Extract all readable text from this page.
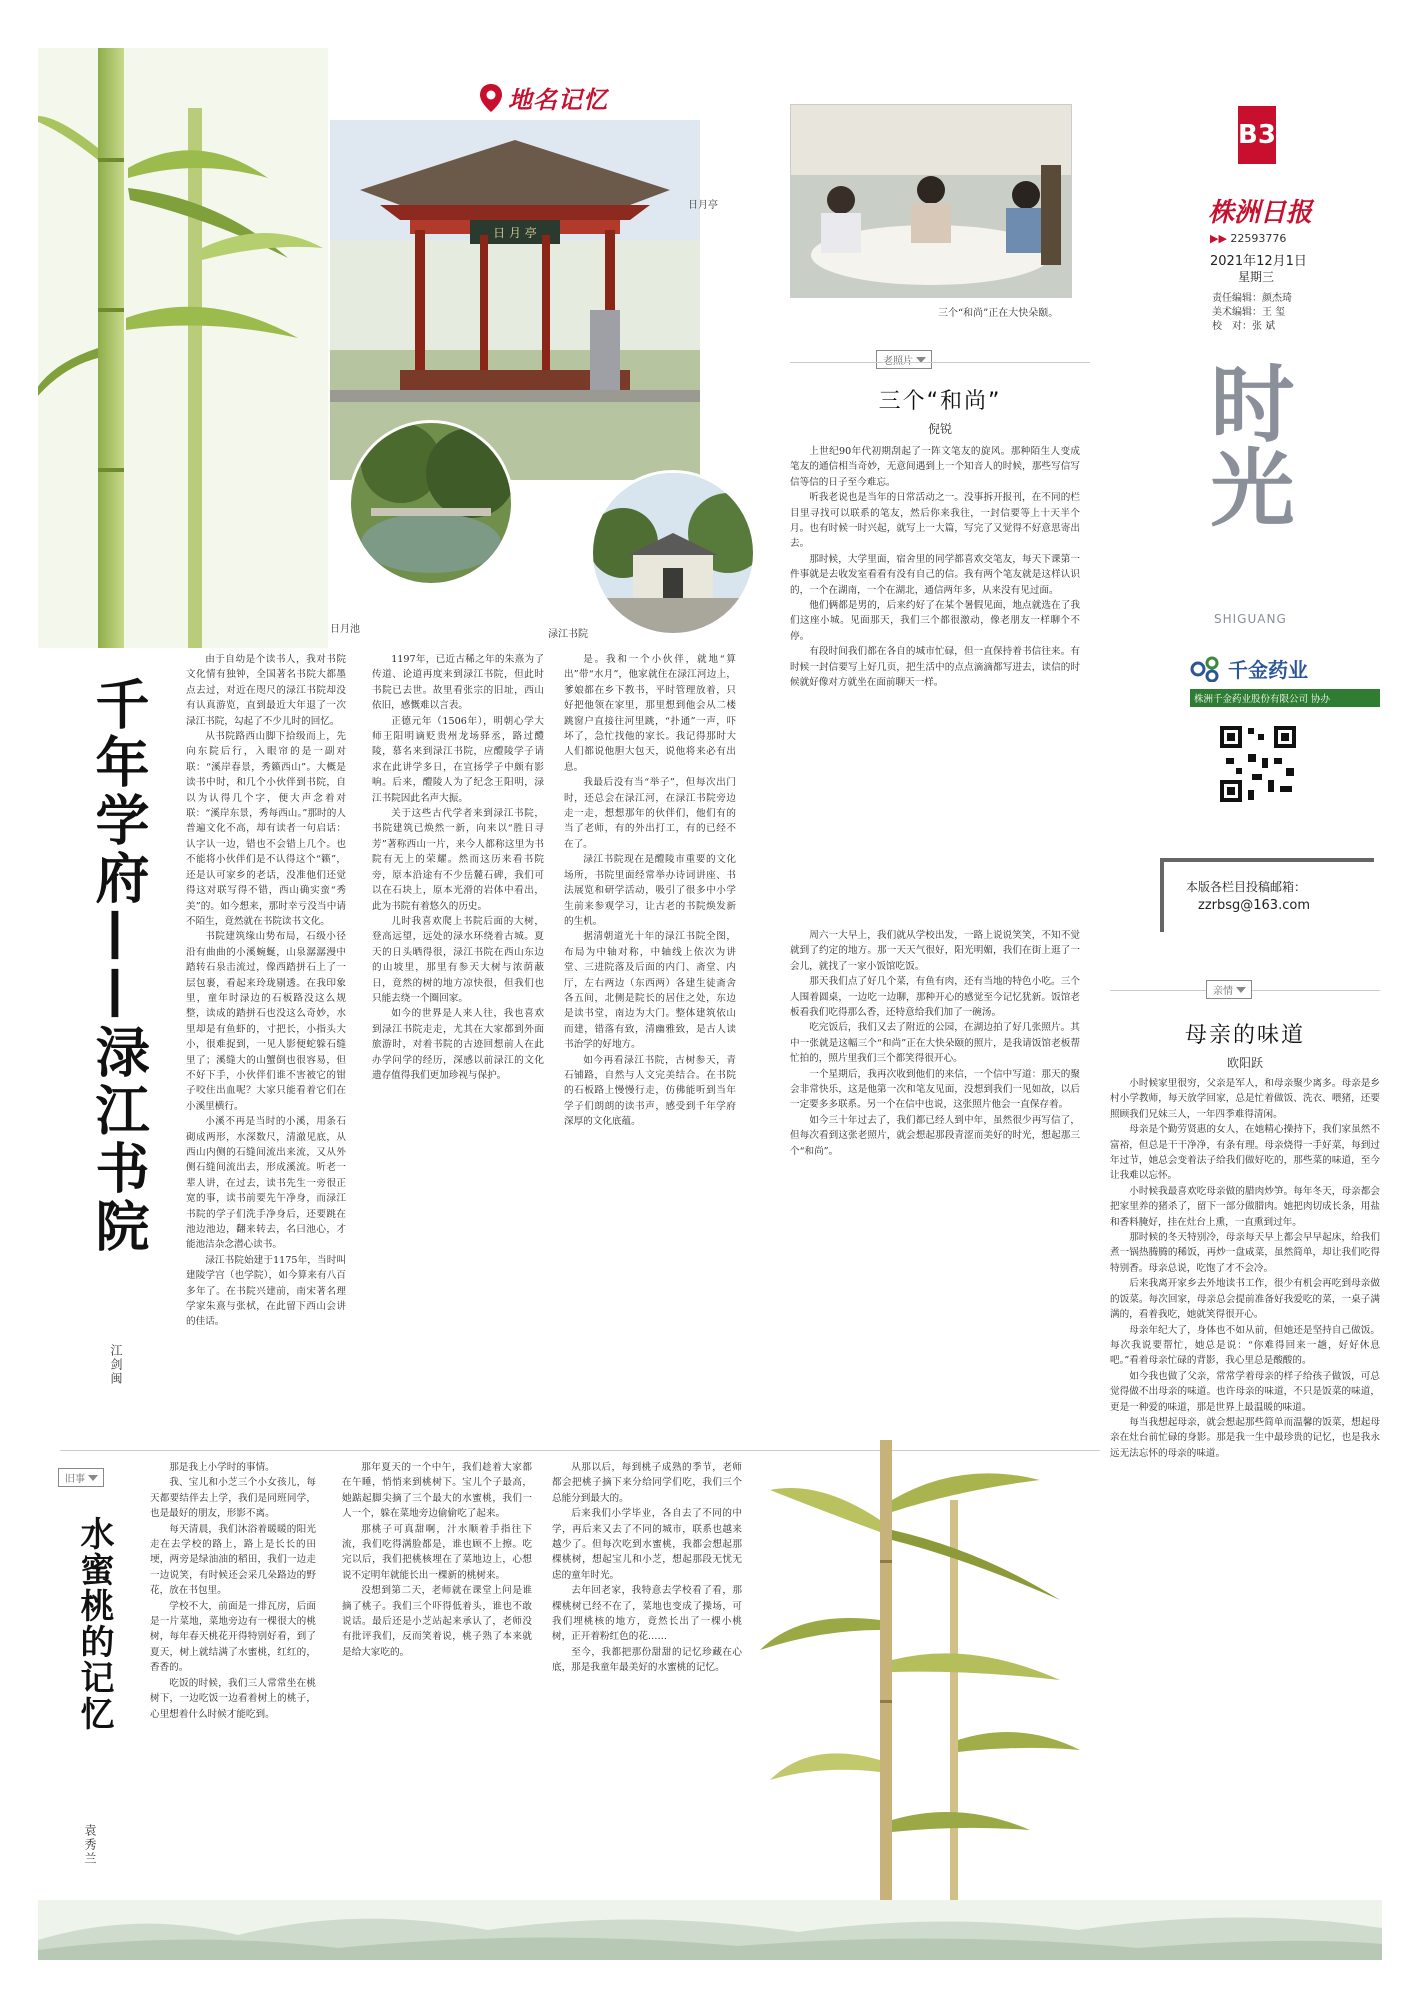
地名记忆
日 月 亭
日月亭
日月池	渌江书院
三个“和尚”正在大快朵颐。
B3
株洲日报
▶▶ 22593776
2021年12月1日
星期三
责任编辑：颜杰琦
美术编辑：王 玺
校　对：张 斌
时光
SHIGUANG
千金药业
株洲千金药业股份有限公司 协办
本版各栏目投稿邮箱：
zzrbsg@163.com
千年学府——渌江书院
江剑闽

由于自幼是个读书人，我对书院文化情有独钟，全国著名书院大都墨点去过，对近在咫尺的渌江书院却没有认真游览，直到最近大年退了一次渌江书院，勾起了不少儿时的回忆。

从书院路西山脚下拾级而上，先向东院后行，入眼帘的是一副对联：“溪岸春景，秀籁西山”。大概是读书中时，和几个小伙伴到书院，自以为认得几个字，便大声念着对联：“溪岸东景，秀每西山。”那时的人普遍文化不高，却有读者一句启话：认字认一边，错也不会错上几个。也不能将小伙伴们是不认得这个“籁”，还是认可家乡的老话，没准他们还觉得这对联写得不错，西山确实蛮“秀美”的。如今想来，那时幸亏没当中请不陌生，竟然就在书院读书文化。

书院建筑缘山势布局，石级小径沿有曲曲的小溪蜿蜒，山泉潺潺漫中踏转石泉击流过，像西踏拼石上了一层包裹，看起来玲珑剔透。在我印象里，童年时渌边的石板路没这么规整，读成的踏拼石也没这么奇妙，水里却是有鱼虾的，寸把长，小指头大小，很难捉到，一见人影便蛇躲石缝里了；溪缝大的山蟹倒也很容易，但不好下手，小伙伴们谁不害被它的钳子咬住出血呢？大家只能看着它们在小溪里横行。

小溪不再是当时的小溪，用条石砌成两形，水深数尺，清澈见底，从西山内侧的石缝间流出来流，又从外侧石缝间流出去，形成溪流。听老一辈人讲，在过去，读书先生一旁很正宽的事，读书前要先午净身，而渌江书院的学子们洗手净身后，还要跳在池边池边，翻来转去，名曰池心，才能池洁杂念潜心读书。

渌江书院始建于1175年，当时叫建陵学宫（也学院），如今算来有八百多年了。在书院兴建前，南宋著名理学家朱熹与张栻，在此留下西山会讲的佳话。

1197年，已近古稀之年的朱熹为了传道、论道再度来到渌江书院，但此时书院已去世。故里看张宗的旧址，西山依旧，感慨难以言表。

正德元年（1506年），明朝心学大师王阳明谪贬贵州龙场驿丞，路过醴陵，慕名来到渌江书院，应醴陵学子请求在此讲学多日，在宣扬学子中颇有影响。后来，醴陵人为了纪念王阳明，渌江书院因此名声大振。

关于这些古代学者来到渌江书院，书院建筑已焕然一新，向来以“胜日寻芳”著称西山一片，来今人都称这里为书院有无上的荣耀。然而这历来看书院旁，原本沿途有不少岳麓石碑，我们可以在石块上，原本光滑的岩体中看出，此为书院有着悠久的历史。

儿时我喜欢爬上书院后面的大树，登高远望，远处的渌水环绕着古城。夏天的日头晒得很，渌江书院在西山东边的山坡里，那里有参天大树与浓荫蔽日，竟然的树的地方凉快很，但我们也只能去绕一个圈回家。

如今的世界是人来人往，我也喜欢到渌江书院走走，尤其在大家都到外面旅游时，对着书院的古迹回想前人在此办学问学的经历，深感以前渌江的文化遗存值得我们更加珍视与保护。

是。我和一个小伙伴，就地“算出”带“水月”，他家就住在渌江河边上，爹娘都在乡下教书，平时管理放着，只好把他领在家里，那里想到他会从二楼跳窗户直接往河里跳，“扑通”一声，吓坏了，急忙找他的家长。我记得那时大人们都说他胆大包天，说他将来必有出息。

我最后没有当“举子”，但每次出门时，还总会在渌江河，在渌江书院旁边走一走，想想那年的伙伴们，他们有的当了老师，有的外出打工，有的已经不在了。

渌江书院现在是醴陵市重要的文化场所，书院里面经常举办诗词讲座、书法展览和研学活动，吸引了很多中小学生前来参观学习，让古老的书院焕发新的生机。

据清朝道光十年的渌江书院全图，布局为中轴对称，中轴线上依次为讲堂、三进院落及后面的内门、斋堂、内厅，左右两边（东西两）各建生徒斋舍各五间，北侧是院长的居住之处，东边是读书堂，南边为大门。整体建筑依山而建，错落有致，清幽雅致，是古人读书治学的好地方。

如今再看渌江书院，古树参天，青石铺路，自然与人文完美结合。在书院的石板路上慢慢行走，仿佛能听到当年学子们朗朗的读书声，感受到千年学府深厚的文化底蕴。

三个“和尚”
倪锐

上世纪90年代初期刮起了一阵文笔友的旋风。那种陌生人变成笔友的通信相当奇妙，无意间遇到上一个知音人的时候，那些写信写信等信的日子至今难忘。

听我老说也是当年的日常活动之一。没事拆开报刊，在不同的栏目里寻找可以联系的笔友，然后你来我往，一封信要等上十天半个月。也有时候一时兴起，就写上一大篇，写完了又觉得不好意思寄出去。

那时候，大学里面，宿舍里的同学都喜欢交笔友，每天下课第一件事就是去收发室看看有没有自己的信。我有两个笔友就是这样认识的，一个在湖南，一个在湖北，通信两年多，从来没有见过面。

他们俩都是男的，后来约好了在某个暑假见面，地点就选在了我们这座小城。见面那天，我们三个都很激动，像老朋友一样聊个不停。

有段时间我们都在各自的城市忙碌，但一直保持着书信往来。有时候一封信要写上好几页，把生活中的点点滴滴都写进去，读信的时候就好像对方就坐在面前聊天一样。

周六一大早上，我们就从学校出发，一路上说说笑笑，不知不觉就到了约定的地方。那一天天气很好，阳光明媚，我们在街上逛了一会儿，就找了一家小饭馆吃饭。

那天我们点了好几个菜，有鱼有肉，还有当地的特色小吃。三个人围着圆桌，一边吃一边聊，那种开心的感觉至今记忆犹新。饭馆老板看我们吃得那么香，还特意给我们加了一碗汤。

吃完饭后，我们又去了附近的公园，在湖边拍了好几张照片。其中一张就是这幅三个“和尚”正在大快朵颐的照片，是我请饭馆老板帮忙拍的，照片里我们三个都笑得很开心。

一个星期后，我再次收到他们的来信，一个信中写道：那天的聚会非常快乐，这是他第一次和笔友见面，没想到我们一见如故，以后一定要多多联系。另一个在信中也说，这张照片他会一直保存着。

如今三十年过去了，我们都已经人到中年，虽然很少再写信了，但每次看到这张老照片，就会想起那段青涩而美好的时光，想起那三个“和尚”。

亲情
母亲的味道
欧阳跃

小时候家里很穷，父亲是军人，和母亲聚少离多。母亲是乡村小学教师，每天放学回家，总是忙着做饭、洗衣、喂猪，还要照顾我们兄妹三人，一年四季难得清闲。

母亲是个勤劳贤惠的女人，在她精心操持下，我们家虽然不富裕，但总是干干净净，有条有理。母亲烧得一手好菜，每到过年过节，她总会变着法子给我们做好吃的，那些菜的味道，至今让我难以忘怀。

小时候我最喜欢吃母亲做的腊肉炒笋。每年冬天，母亲都会把家里养的猪杀了，留下一部分做腊肉。她把肉切成长条，用盐和香料腌好，挂在灶台上熏，一直熏到过年。

那时候的冬天特别冷，母亲每天早上都会早早起床，给我们煮一锅热腾腾的稀饭，再炒一盘咸菜，虽然简单，却让我们吃得特别香。母亲总说，吃饱了才不会冷。

后来我离开家乡去外地读书工作，很少有机会再吃到母亲做的饭菜。每次回家，母亲总会提前准备好我爱吃的菜，一桌子满满的，看着我吃，她就笑得很开心。

母亲年纪大了，身体也不如从前，但她还是坚持自己做饭。每次我说要帮忙，她总是说：“你难得回来一趟，好好休息吧。”看着母亲忙碌的背影，我心里总是酸酸的。

如今我也做了父亲，常常学着母亲的样子给孩子做饭，可总觉得做不出母亲的味道。也许母亲的味道，不只是饭菜的味道，更是一种爱的味道，那是世界上最温暖的味道。

每当我想起母亲，就会想起那些简单而温馨的饭菜，想起母亲在灶台前忙碌的身影。那是我一生中最珍贵的记忆，也是我永远无法忘怀的母亲的味道。

旧事
水蜜桃的记忆
袁秀兰

那是我上小学时的事情。

我、宝儿和小芝三个小女孩儿，每天都要结伴去上学，我们是同班同学，也是最好的朋友，形影不离。

每天清晨，我们沐浴着暖暖的阳光走在去学校的路上，路上是长长的田埂，两旁是绿油油的稻田，我们一边走一边说笑，有时候还会采几朵路边的野花，放在书包里。

学校不大，前面是一排瓦房，后面是一片菜地，菜地旁边有一棵很大的桃树，每年春天桃花开得特别好看，到了夏天，树上就结满了水蜜桃，红红的，香香的。

吃饭的时候，我们三人常常坐在桃树下，一边吃饭一边看着树上的桃子，心里想着什么时候才能吃到。

那年夏天的一个中午，我们趁着大家都在午睡，悄悄来到桃树下。宝儿个子最高，她踮起脚尖摘了三个最大的水蜜桃，我们一人一个，躲在菜地旁边偷偷吃了起来。

那桃子可真甜啊，汁水顺着手指往下流，我们吃得满脸都是，谁也顾不上擦。吃完以后，我们把桃核埋在了菜地边上，心想说不定明年就能长出一棵新的桃树来。

没想到第二天，老师就在课堂上问是谁摘了桃子。我们三个吓得低着头，谁也不敢说话。最后还是小芝站起来承认了，老师没有批评我们，反而笑着说，桃子熟了本来就是给大家吃的。

从那以后，每到桃子成熟的季节，老师都会把桃子摘下来分给同学们吃，我们三个总能分到最大的。

后来我们小学毕业，各自去了不同的中学，再后来又去了不同的城市，联系也越来越少了。但每次吃到水蜜桃，我都会想起那棵桃树，想起宝儿和小芝，想起那段无忧无虑的童年时光。

去年回老家，我特意去学校看了看，那棵桃树已经不在了，菜地也变成了操场，可我们埋桃核的地方，竟然长出了一棵小桃树，正开着粉红色的花……

至今，我都把那份甜甜的记忆珍藏在心底，那是我童年最美好的水蜜桃的记忆。
